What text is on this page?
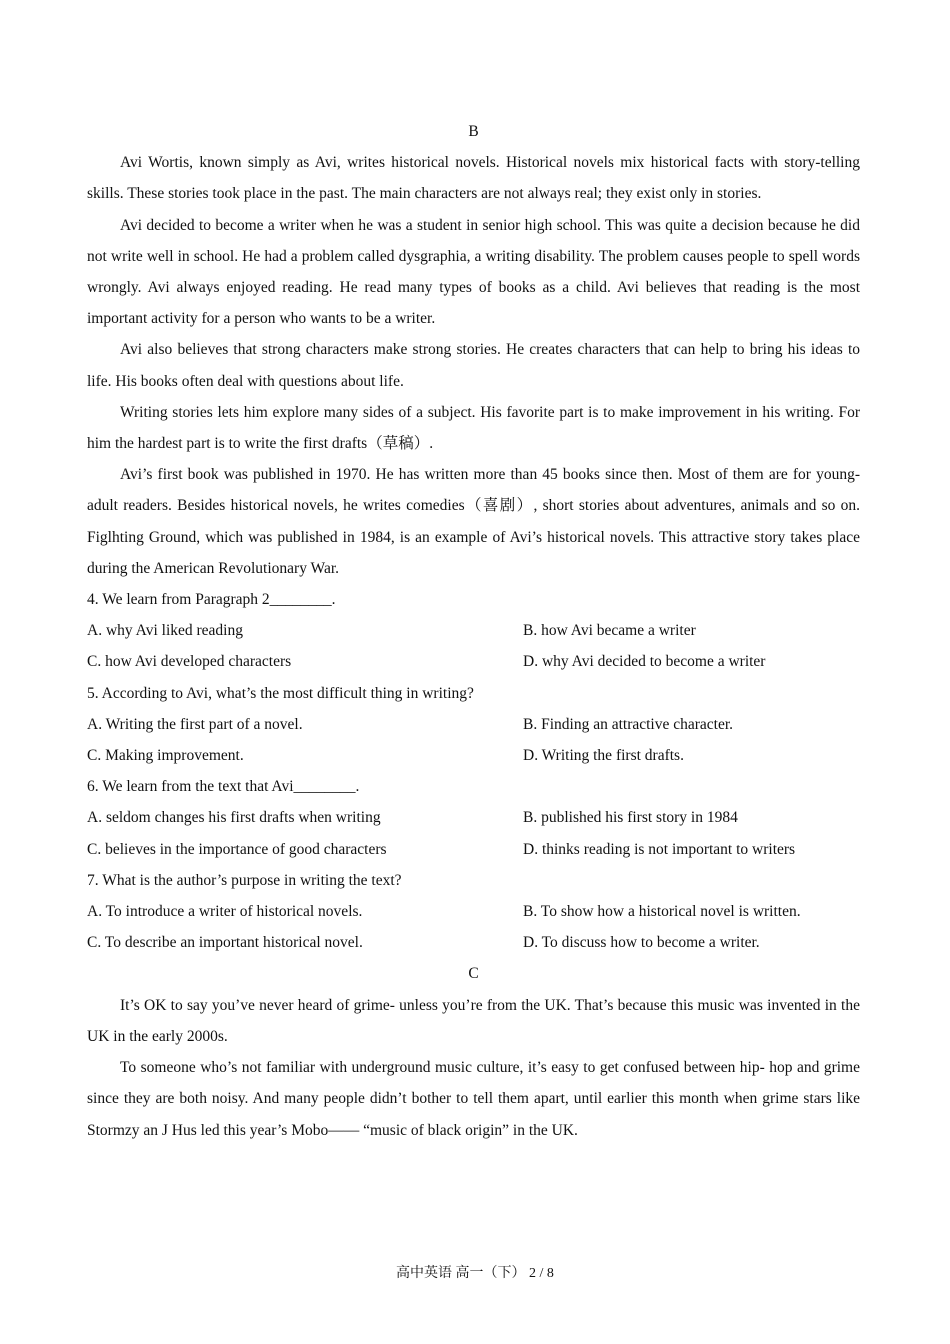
B

Avi Wortis, known simply as Avi, writes historical novels. Historical novels mix historical facts with story-telling skills. These stories took place in the past. The main characters are not always real; they exist only in stories.

Avi decided to become a writer when he was a student in senior high school. This was quite a decision because he did not write well in school. He had a problem called dysgraphia, a writing disability. The problem causes people to spell words wrongly. Avi always enjoyed reading. He read many types of books as a child. Avi believes that reading is the most important activity for a person who wants to be a writer.

Avi also believes that strong characters make strong stories. He creates characters that can help to bring his ideas to life. His books often deal with questions about life.

Writing stories lets him explore many sides of a subject. His favorite part is to make improvement in his writing. For him the hardest part is to write the first drafts（草稿）.

Avi’s first book was published in 1970. He has written more than 45 books since then. Most of them are for young-adult readers. Besides historical novels, he writes comedies（喜剧）, short stories about adventures, animals and so on. Figlhting Ground, which was published in 1984, is an example of Avi’s historical novels. This attractive story takes place during the American Revolutionary War.

4. We learn from Paragraph 2________.

A. why Avi liked reading	B. how Avi became a writer
C. how Avi developed characters	D. why Avi decided to become a writer

5. According to Avi, what’s the most difficult thing in writing?

A. Writing the first part of a novel.	B. Finding an attractive character.
C. Making improvement.	D. Writing the first drafts.

6. We learn from the text that Avi________.

A. seldom changes his first drafts when writing	B. published his first story in 1984
C. believes in the importance of good characters	D. thinks reading is not important to writers

7. What is the author’s purpose in writing the text?

A. To introduce a writer of historical novels.	B. To show how a historical novel is written.
C. To describe an important historical novel.	D. To discuss how to become a writer.
C

It’s OK to say you’ve never heard of grime- unless you’re from the UK. That’s because this music was invented in the UK in the early 2000s.

To someone who’s not familiar with underground music culture, it’s easy to get confused between hip- hop and grime since they are both noisy. And many people didn’t bother to tell them apart, until earlier this month when grime stars like Stormzy an J Hus led this year’s Mobo—— “music of black origin” in the UK.

高中英语 高一（下） 2 / 8
